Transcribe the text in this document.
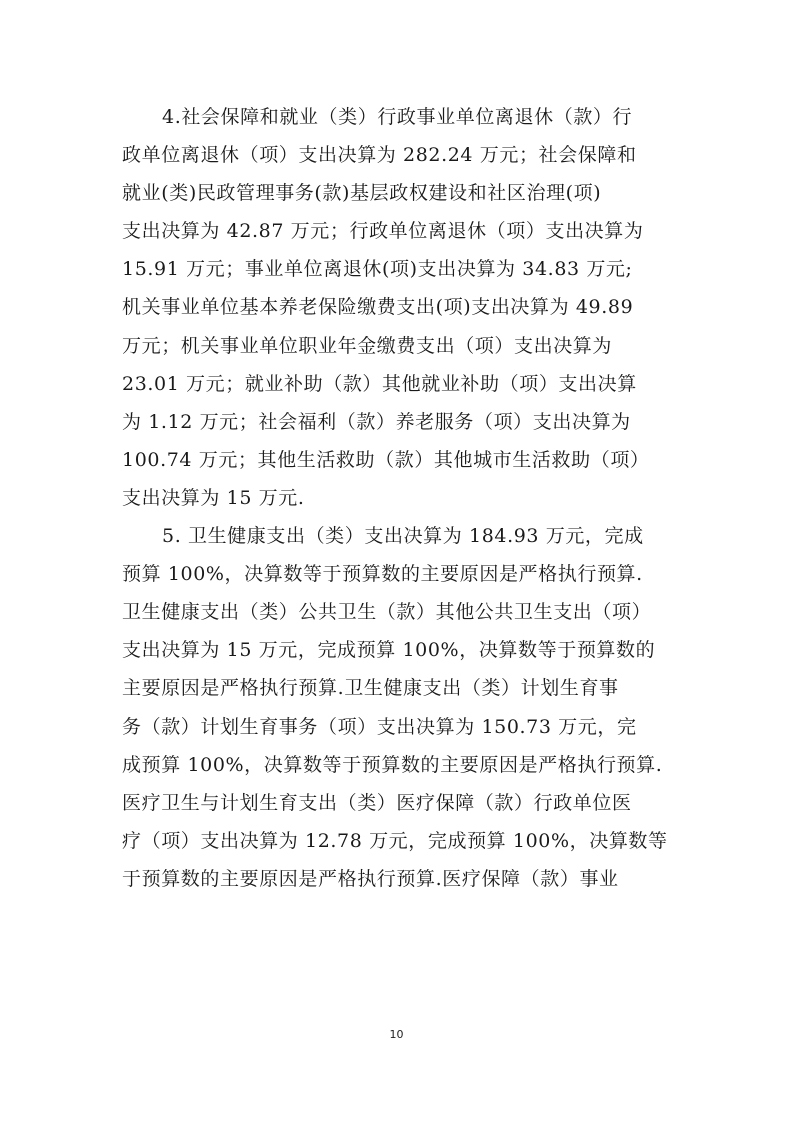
4.社会保障和就业（类）行政事业单位离退休（款）行
政单位离退休（项）支出决算为 282.24 万元；社会保障和
就业(类)民政管理事务(款)基层政权建设和社区治理(项)
支出决算为 42.87 万元；行政单位离退休（项）支出决算为
15.91 万元；事业单位离退休(项)支出决算为 34.83 万元;
机关事业单位基本养老保险缴费支出(项)支出决算为 49.89
万元；机关事业单位职业年金缴费支出（项）支出决算为
23.01 万元；就业补助（款）其他就业补助（项）支出决算
为 1.12 万元；社会福利（款）养老服务（项）支出决算为
100.74 万元；其他生活救助（款）其他城市生活救助（项）
支出决算为 15 万元.
5. 卫生健康支出（类）支出决算为 184.93 万元，完成
预算 100%，决算数等于预算数的主要原因是严格执行预算.
卫生健康支出（类）公共卫生（款）其他公共卫生支出（项）
支出决算为 15 万元，完成预算 100%，决算数等于预算数的
主要原因是严格执行预算.卫生健康支出（类）计划生育事
务（款）计划生育事务（项）支出决算为 150.73 万元，完
成预算 100%，决算数等于预算数的主要原因是严格执行预算.
医疗卫生与计划生育支出（类）医疗保障（款）行政单位医
疗（项）支出决算为 12.78 万元，完成预算 100%，决算数等
于预算数的主要原因是严格执行预算.医疗保障（款）事业
10
